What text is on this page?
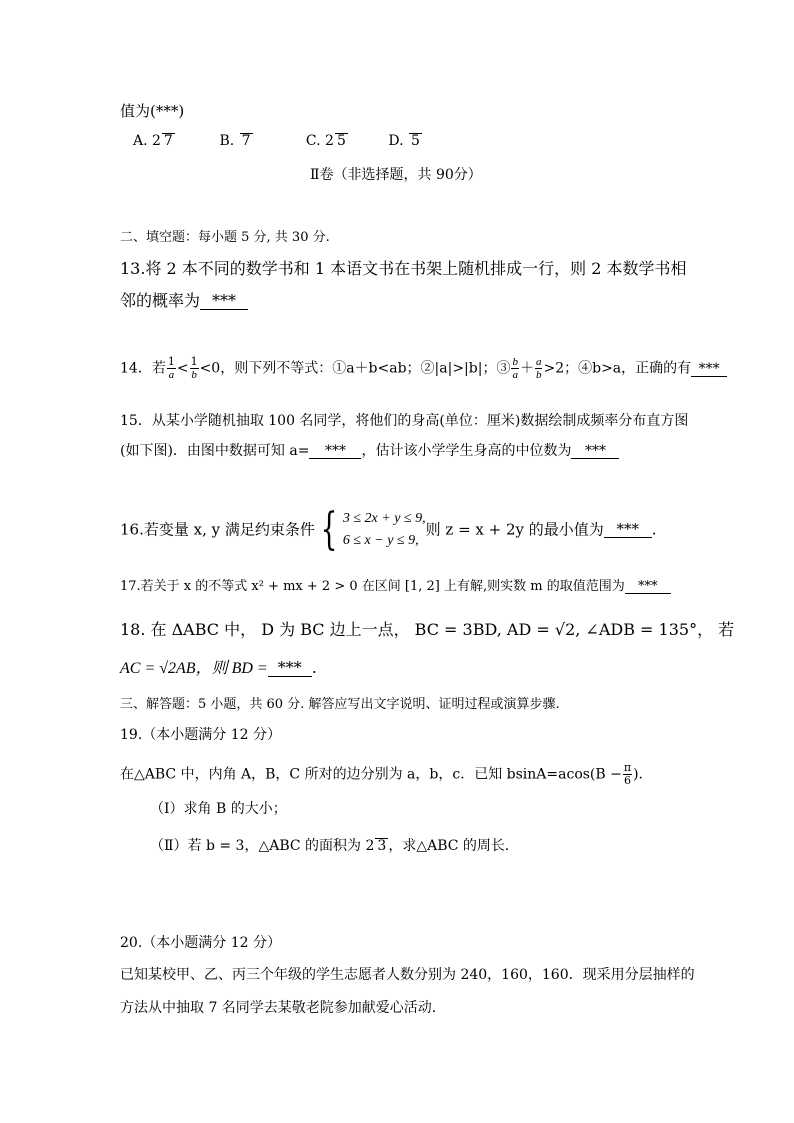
值为(***)
A. 2 7	B. 7	C. 2 5	D. 5
Ⅱ卷（非选择题，共 90分）
二、填空题：每小题 5 分, 共 30 分.
13.将 2 本不同的数学书和 1 本语文书在书架上随机排成一行，则 2 本数学书相
邻的概率为 ***
14．若 $\frac{1}{a} < \frac{1}{b} <0$，则下列不等式：①a＋b<ab；②|a|>|b|；③ $\frac{b}{a} + \frac{a}{b} >2$；④b>a，正确的有 ***
15．从某小学随机抽取 100 名同学，将他们的身高(单位：厘米)数据绘制成频率分布直方图
(如下图)．由图中数据可知 a= *** ，估计该小学学生身高的中位数为 ***
16.若变量 x, y 满足约束条件 { 3 ≤ 2x + y ≤ 9,
6 ≤ x − y ≤ 9,
则 z = x + 2y 的最小值为 *** .
17.若关于 x 的不等式 x² + mx + 2 > 0 在区间 [1, 2] 上有解,则实数 m 的取值范围为 ***
18. 在 ΔABC 中， D 为 BC 边上一点， BC = 3BD, AD = √2, ∠ADB = 135°， 若
AC = √2AB，则 BD = *** .
三、解答题：5 小题，共 60 分. 解答应写出文字说明、证明过程或演算步骤.
19.（本小题满分 12 分）
在△ABC 中，内角 A，B，C 所对的边分别为 a，b，c．已知 $bsinA=acos(B - \frac{\pi}{6}$ )．
（Ⅰ）求角 B 的大小；
（Ⅱ）若 b = 3，△ABC 的面积为 2 3 ，求△ABC 的周长．
20.（本小题满分 12 分）
已知某校甲、乙、丙三个年级的学生志愿者人数分别为 240，160，160．现采用分层抽样的
方法从中抽取 7 名同学去某敬老院参加献爱心活动．
